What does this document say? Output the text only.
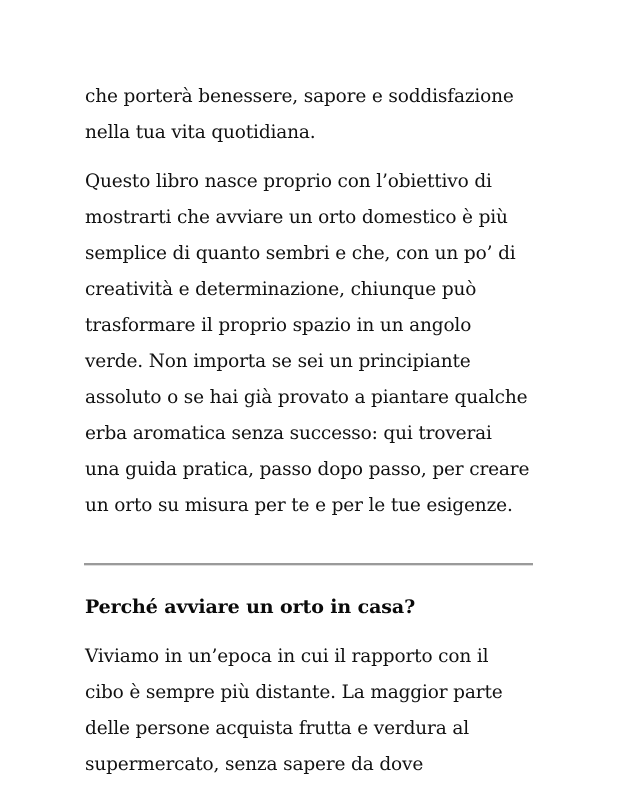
che porterà benessere, sapore e soddisfazione
nella tua vita quotidiana.

Questo libro nasce proprio con l’obiettivo di
mostrarti che avviare un orto domestico è più
semplice di quanto sembri e che, con un po’ di
creatività e determinazione, chiunque può
trasformare il proprio spazio in un angolo
verde. Non importa se sei un principiante
assoluto o se hai già provato a piantare qualche
erba aromatica senza successo: qui troverai
una guida pratica, passo dopo passo, per creare
un orto su misura per te e per le tue esigenze.

Perché avviare un orto in casa?

Viviamo in un’epoca in cui il rapporto con il
cibo è sempre più distante. La maggior parte
delle persone acquista frutta e verdura al
supermercato, senza sapere da dove
